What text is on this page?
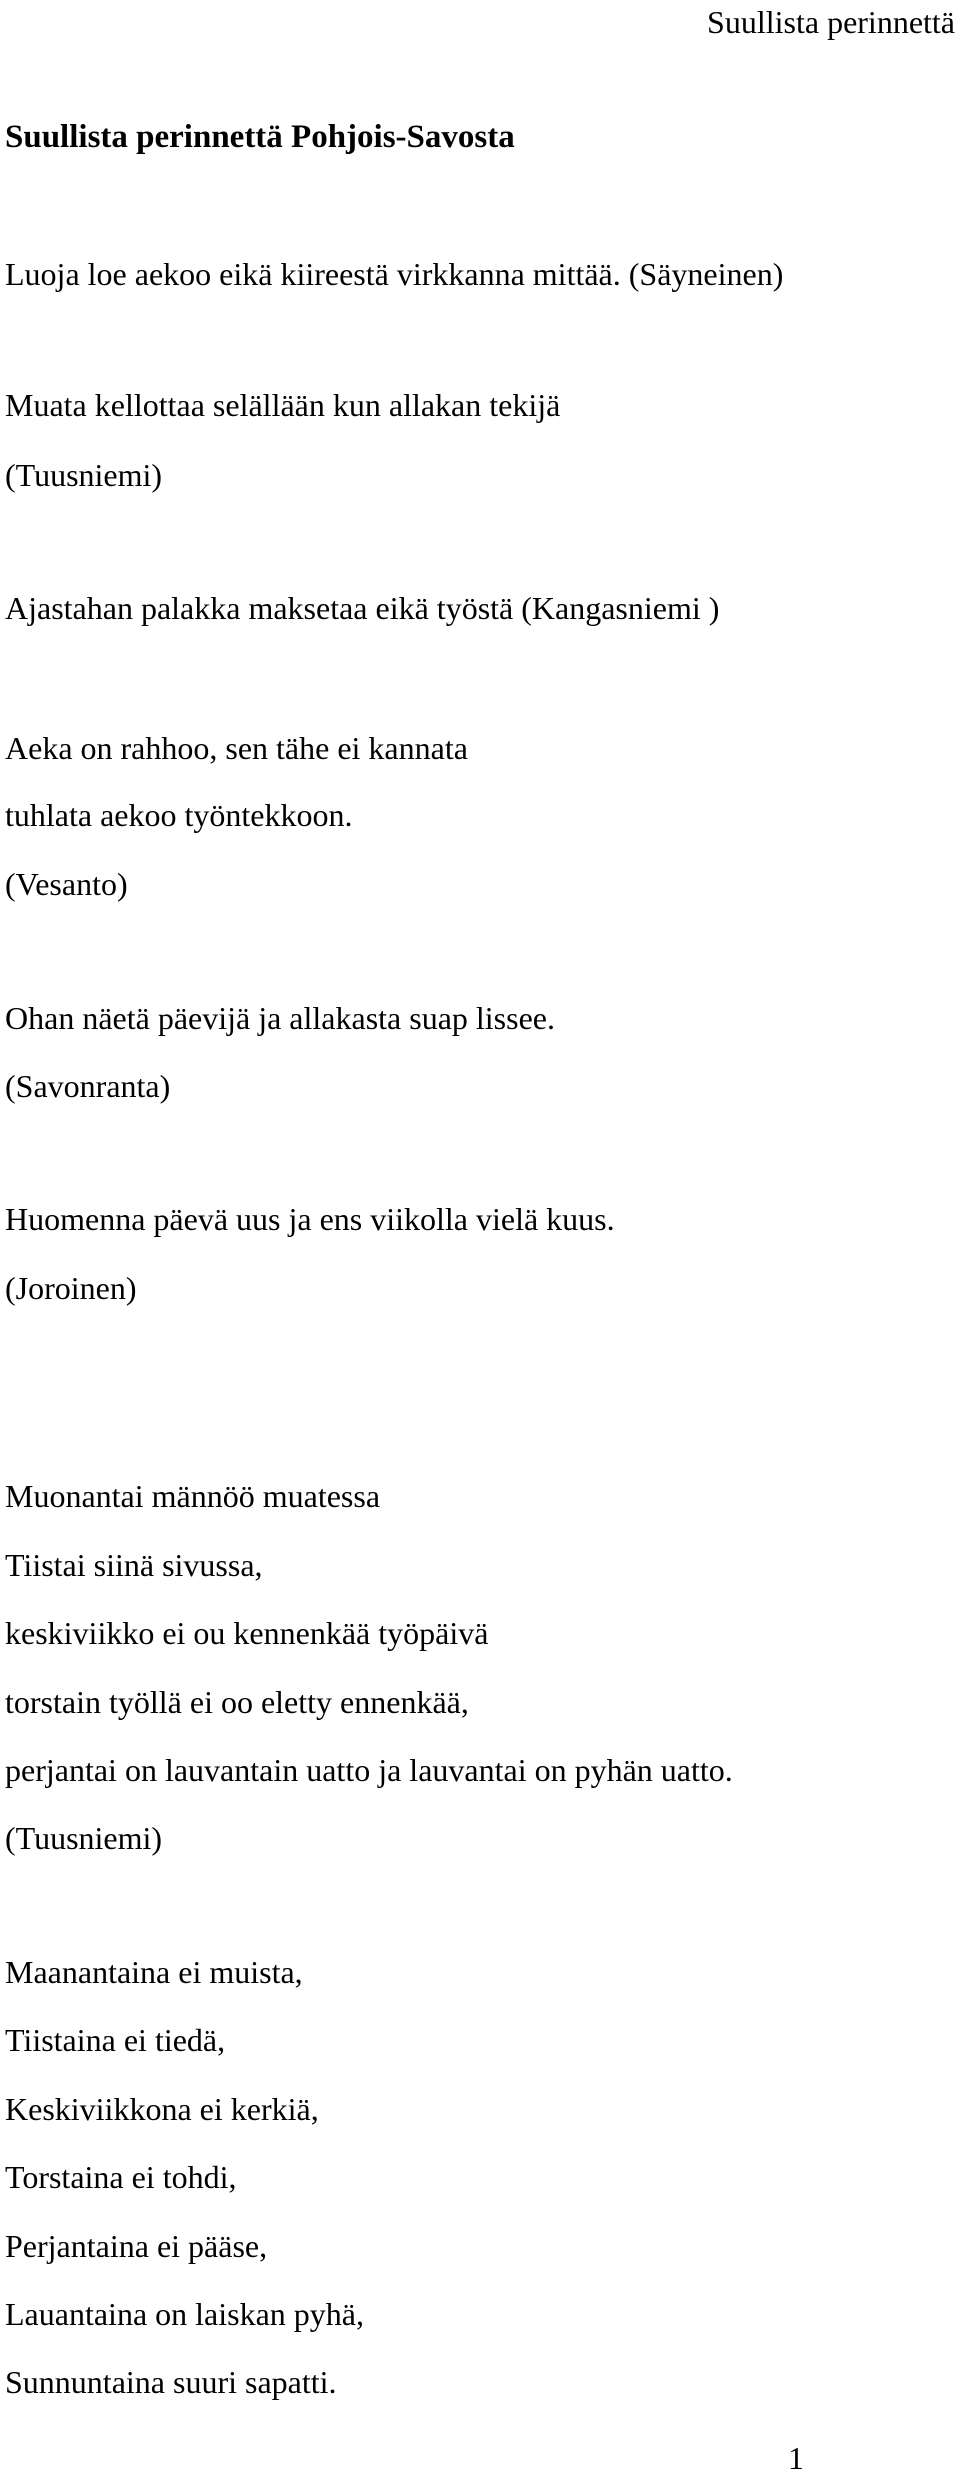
Suullista perinnettä
Suullista perinnettä Pohjois-Savosta
Luoja loe aekoo eikä kiireestä virkkanna mittää. (Säyneinen)
Muata kellottaa selällään kun allakan tekijä
(Tuusniemi)
Ajastahan palakka maksetaa eikä työstä (Kangasniemi )
Aeka on rahhoo, sen tähe ei kannata
tuhlata aekoo työntekkoon.
(Vesanto)
Ohan näetä päevijä ja allakasta suap lissee.
(Savonranta)
Huomenna päevä uus ja ens viikolla vielä kuus.
(Joroinen)
Muonantai männöö muatessa
Tiistai siinä sivussa,
keskiviikko ei ou kennenkää työpäivä
torstain työllä ei oo eletty ennenkää,
perjantai on lauvantain uatto ja lauvantai on pyhän uatto.
(Tuusniemi)
Maanantaina ei muista,
Tiistaina ei tiedä,
Keskiviikkona ei kerkiä,
Torstaina ei tohdi,
Perjantaina ei pääse,
Lauantaina on laiskan pyhä,
Sunnuntaina suuri sapatti.
1
